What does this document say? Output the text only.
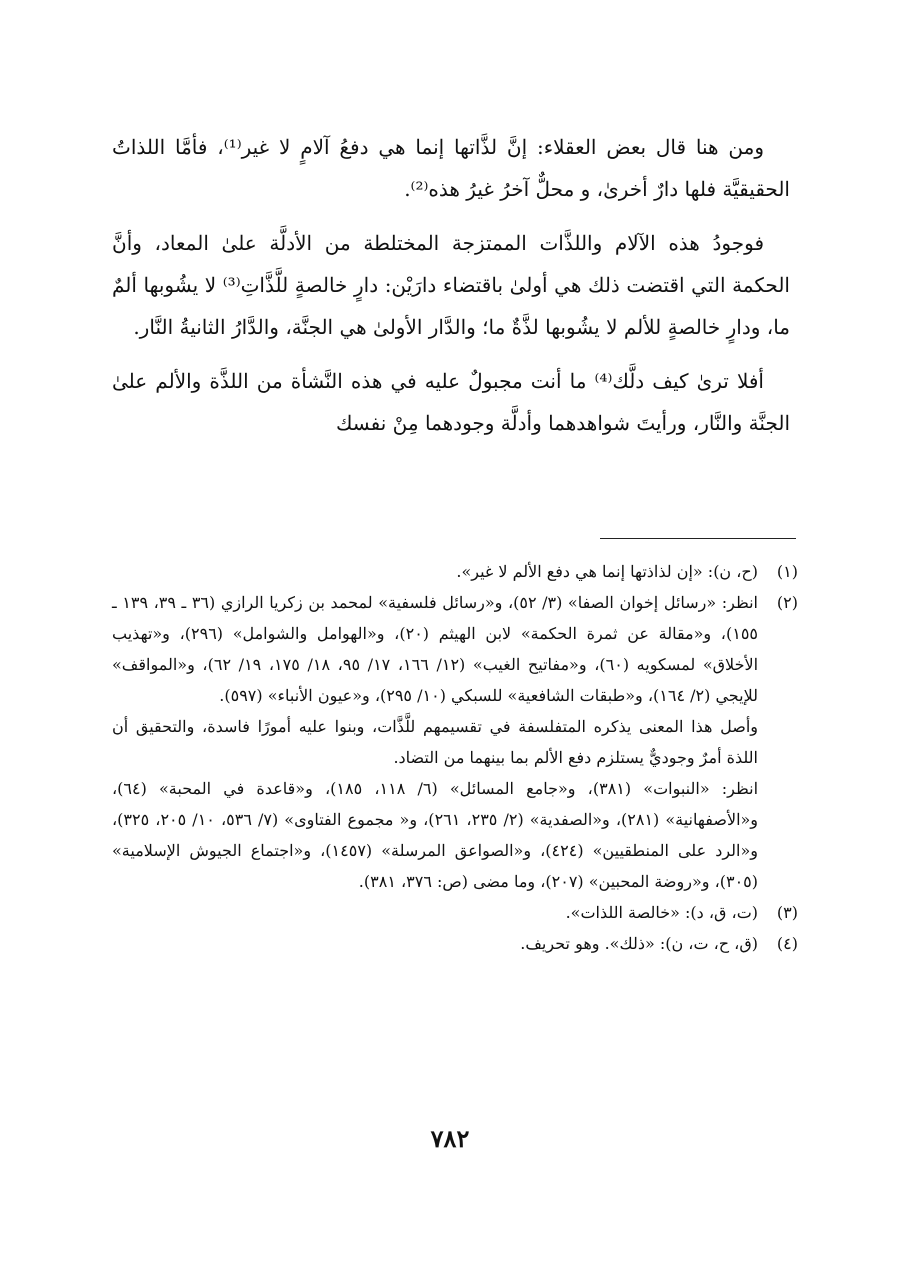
ومن هنا قال بعض العقلاء: إنَّ لذَّاتها إنما هي دفعُ آلامٍ لا غير⁽¹⁾، فأمَّا اللذاتُ الحقيقيَّة فلها دارٌ أخرىٰ، و محلٌّ آخرُ غيرُ هذه⁽²⁾.

فوجودُ هذه الآلام واللذَّات الممتزجة المختلطة من الأدلَّة علىٰ المعاد، وأنَّ الحكمة التي اقتضت ذلك هي أولىٰ باقتضاء دارَيْن: دارٍ خالصةٍ للَّذَّاتِ⁽³⁾ لا يشُوبها ألمٌ ما، ودارٍ خالصةٍ للألم لا يشُوبها لذَّةٌ ما؛ والدَّار الأولىٰ هي الجنَّة، والدَّارُ الثانيةُ النَّار.

أفلا ترىٰ كيف دلَّك⁽⁴⁾ ما أنت مجبولٌ عليه في هذه النَّشأة من اللذَّة والألم علىٰ الجنَّة والنَّار، ورأيتَ شواهدهما وأدلَّة وجودهما مِنْ نفسك

(١)

(ح، ن): «إن لذاذتها إنما هي دفع الألم لا غير».

(٢)

انظر: «رسائل إخوان الصفا» (٣/ ٥٢)، و«رسائل فلسفية» لمحمد بن زكريا الرازي (٣٦ ـ ٣٩، ١٣٩ ـ ١٥٥)، و«مقالة عن ثمرة الحكمة» لابن الهيثم (٢٠)، و«الهوامل والشوامل» (٢٩٦)، و«تهذيب الأخلاق» لمسكويه (٦٠)، و«مفاتيح الغيب» (١٢/ ١٦٦، ١٧/ ٩٥، ١٨/ ١٧٥، ١٩/ ٦٢)، و«المواقف» للإيجي (٢/ ١٦٤)، و«طبقات الشافعية» للسبكي (١٠/ ٢٩٥)، و«عيون الأنباء» (٥٩٧).

وأصل هذا المعنى يذكره المتفلسفة في تقسيمهم للَّذَّات، وبنوا عليه أمورًا فاسدة، والتحقيق أن اللذة أمرٌ وجوديٌّ يستلزم دفع الألم بما بينهما من التضاد.

انظر: «النبوات» (٣٨١)، و«جامع المسائل» (٦/ ١١٨، ١٨٥)، و«قاعدة في المحبة» (٦٤)، و«الأصفهانية» (٢٨١)، و«الصفدية» (٢/ ٢٣٥، ٢٦١)، و« مجموع الفتاوى» (٧/ ٥٣٦، ١٠/ ٢٠٥، ٣٢٥)، و«الرد على المنطقيين» (٤٢٤)، و«الصواعق المرسلة» (١٤٥٧)، و«اجتماع الجيوش الإسلامية» (٣٠٥)، و«روضة المحبين» (٢٠٧)، وما مضى (ص: ٣٧٦، ٣٨١).

(٣)

(ت، ق، د): «خالصة اللذات».

(٤)

(ق، ح، ت، ن): «ذلك». وهو تحريف.

٧٨٢
